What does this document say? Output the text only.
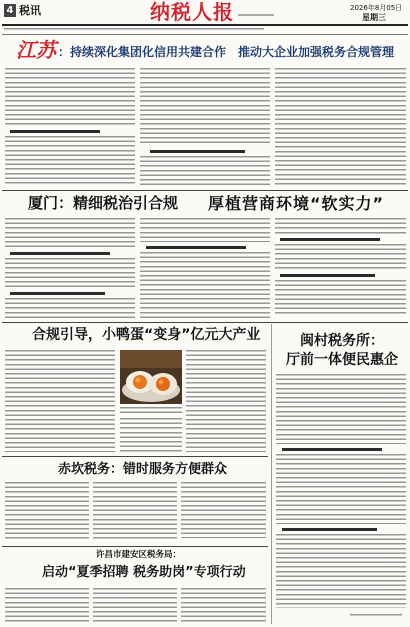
4 税讯	纳税人报	2026年8月05日
星期三
江苏 ：持续深化集团化信用共建合作　推动大企业加强税务合规管理
厦门：精细税治引合规 厚植营商环境“软实力”
合规引导，小鸭蛋“变身”亿元大产业	闽村税务所：
厅前一体便民惠企
赤坎税务：错时服务方便群众
许昌市建安区税务局：
启动“夏季招聘 税务助岗”专项行动
